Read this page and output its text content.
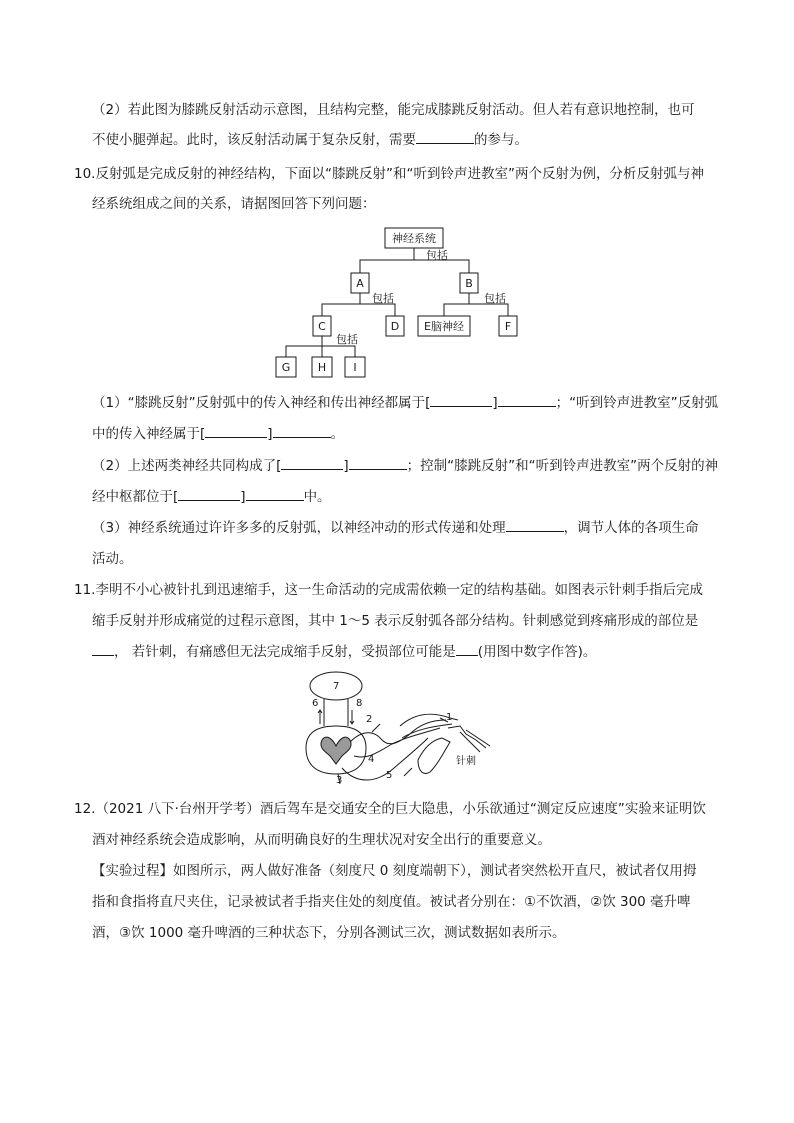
（2）若此图为膝跳反射活动示意图，且结构完整，能完成膝跳反射活动。但人若有意识地控制，也可
不使小腿弹起。此时，该反射活动属于复杂反射，需要	的参与。
10.反射弧是完成反射的神经结构，下面以“膝跳反射”和“听到铃声进教室”两个反射为例，分析反射弧与神
经系统组成之间的关系，请据图回答下列问题：
神经系统
A	B
C	D E脑神经	F
G	H I
包括
包括	包括
包括
（1）“膝跳反射”反射弧中的传入神经和传出神经都属于[	]	；“听到铃声进教室”反射弧
中的传入神经属于[	]	。
（2）上述两类神经共同构成了[	]	；控制“膝跳反射”和“听到铃声进教室”两个反射的神
经中枢都位于[	]	中。
（3）神经系统通过许许多多的反射弧，以神经冲动的形式传递和处理	，调节人体的各项生命
活动。
11.李明不小心被针扎到迅速缩手，这一生命活动的完成需依赖一定的结构基础。如图表示针刺手指后完成
缩手反射并形成痛觉的过程示意图，其中 1～5 表示反射弧各部分结构。针刺感觉到疼痛形成的部位是
， 若针刺，有痛感但无法完成缩手反射，受损部位可能是 (用图中数字作答)。
7
6	8
2	1
3
4
5
针刺
12.（2021 八下·台州开学考）酒后驾车是交通安全的巨大隐患，小乐欲通过“测定反应速度”实验来证明饮
酒对神经系统会造成影响，从而明确良好的生理状况对安全出行的重要意义。
【实验过程】如图所示，两人做好准备（刻度尺 0 刻度端朝下），测试者突然松开直尺，被试者仅用拇
指和食指将直尺夹住，记录被试者手指夹住处的刻度值。被试者分别在：①不饮酒，②饮 300 毫升啤
酒，③饮 1000 毫升啤酒的三种状态下，分别各测试三次，测试数据如表所示。
